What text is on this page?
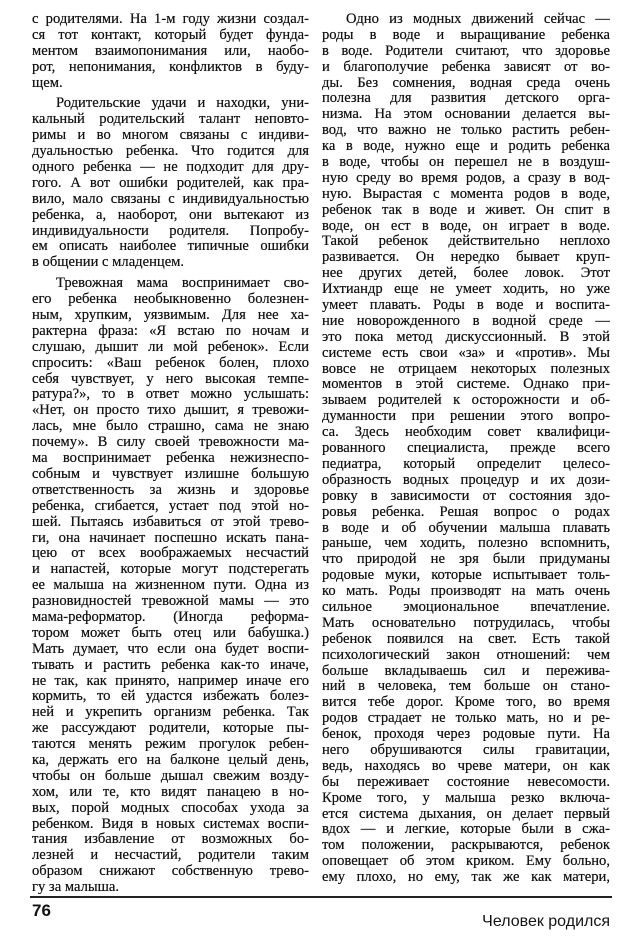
с родителями. На 1-м году жизни создал-
ся тот контакт, который будет фунда-
ментом взаимопонимания или, наобо-
рот, непонимания, конфликтов в буду-
щем.
Родительские удачи и находки, уни-
кальный родительский талант неповто-
римы и во многом связаны с индиви-
дуальностью ребенка. Что годится для
одного ребенка — не подходит для дру-
гого. А вот ошибки родителей, как пра-
вило, мало связаны с индивидуальностью
ребенка, а, наоборот, они вытекают из
индивидуальности родителя. Попробу-
ем описать наиболее типичные ошибки
в общении с младенцем.
Тревожная мама воспринимает сво-
его ребенка необыкновенно болезнен-
ным, хрупким, уязвимым. Для нее ха-
рактерна фраза: «Я встаю по ночам и
слушаю, дышит ли мой ребенок». Если
спросить: «Ваш ребенок болен, плохо
себя чувствует, у него высокая темпе-
ратура?», то в ответ можно услышать:
«Нет, он просто тихо дышит, я тревожи-
лась, мне было страшно, сама не знаю
почему». В силу своей тревожности ма-
ма воспринимает ребенка нежизнеспо-
собным и чувствует излишне большую
ответственность за жизнь и здоровье
ребенка, сгибается, устает под этой но-
шей. Пытаясь избавиться от этой трево-
ги, она начинает поспешно искать пана-
цею от всех воображаемых несчастий
и напастей, которые могут подстерегать
ее малыша на жизненном пути. Одна из
разновидностей тревожной мамы — это
мама-реформатор. (Иногда реформа-
тором может быть отец или бабушка.)
Мать думает, что если она будет воспи-
тывать и растить ребенка как-то иначе,
не так, как принято, например иначе его
кормить, то ей удастся избежать болез-
ней и укрепить организм ребенка. Так
же рассуждают родители, которые пы-
таются менять режим прогулок ребен-
ка, держать его на балконе целый день,
чтобы он больше дышал свежим возду-
хом, или те, кто видят панацею в но-
вых, порой модных способах ухода за
ребенком. Видя в новых системах воспи-
тания избавление от возможных бо-
лезней и несчастий, родители таким
образом снижают собственную трево-
гу за малыша.
Одно из модных движений сейчас —
роды в воде и выращивание ребенка
в воде. Родители считают, что здоровье
и благополучие ребенка зависят от во-
ды. Без сомнения, водная среда очень
полезна для развития детского орга-
низма. На этом основании делается вы-
вод, что важно не только растить ребен-
ка в воде, нужно еще и родить ребенка
в воде, чтобы он перешел не в воздуш-
ную среду во время родов, а сразу в вод-
ную. Вырастая с момента родов в воде,
ребенок так в воде и живет. Он спит в
воде, он ест в воде, он играет в воде.
Такой ребенок действительно неплохо
развивается. Он нередко бывает круп-
нее других детей, более ловок. Этот
Ихтиандр еще не умеет ходить, но уже
умеет плавать. Роды в воде и воспита-
ние новорожденного в водной среде —
это пока метод дискуссионный. В этой
системе есть свои «за» и «против». Мы
вовсе не отрицаем некоторых полезных
моментов в этой системе. Однако при-
зываем родителей к осторожности и об-
думанности при решении этого вопро-
са. Здесь необходим совет квалифици-
рованного специалиста, прежде всего
педиатра, который определит целесо-
образность водных процедур и их дози-
ровку в зависимости от состояния здо-
ровья ребенка. Решая вопрос о родах
в воде и об обучении малыша плавать
раньше, чем ходить, полезно вспомнить,
что природой не зря были придуманы
родовые муки, которые испытывает толь-
ко мать. Роды производят на мать очень
сильное эмоциональное впечатление.
Мать основательно потрудилась, чтобы
ребенок появился на свет. Есть такой
психологический закон отношений: чем
больше вкладываешь сил и пережива-
ний в человека, тем больше он стано-
вится тебе дорог. Кроме того, во время
родов страдает не только мать, но и ре-
бенок, проходя через родовые пути. На
него обрушиваются силы гравитации,
ведь, находясь во чреве матери, он как
бы переживает состояние невесомости.
Кроме того, у малыша резко включа-
ется система дыхания, он делает первый
вдох — и легкие, которые были в сжа-
том положении, раскрываются, ребенок
оповещает об этом криком. Ему больно,
ему плохо, но ему, так же как матери,
76
Человек родился
